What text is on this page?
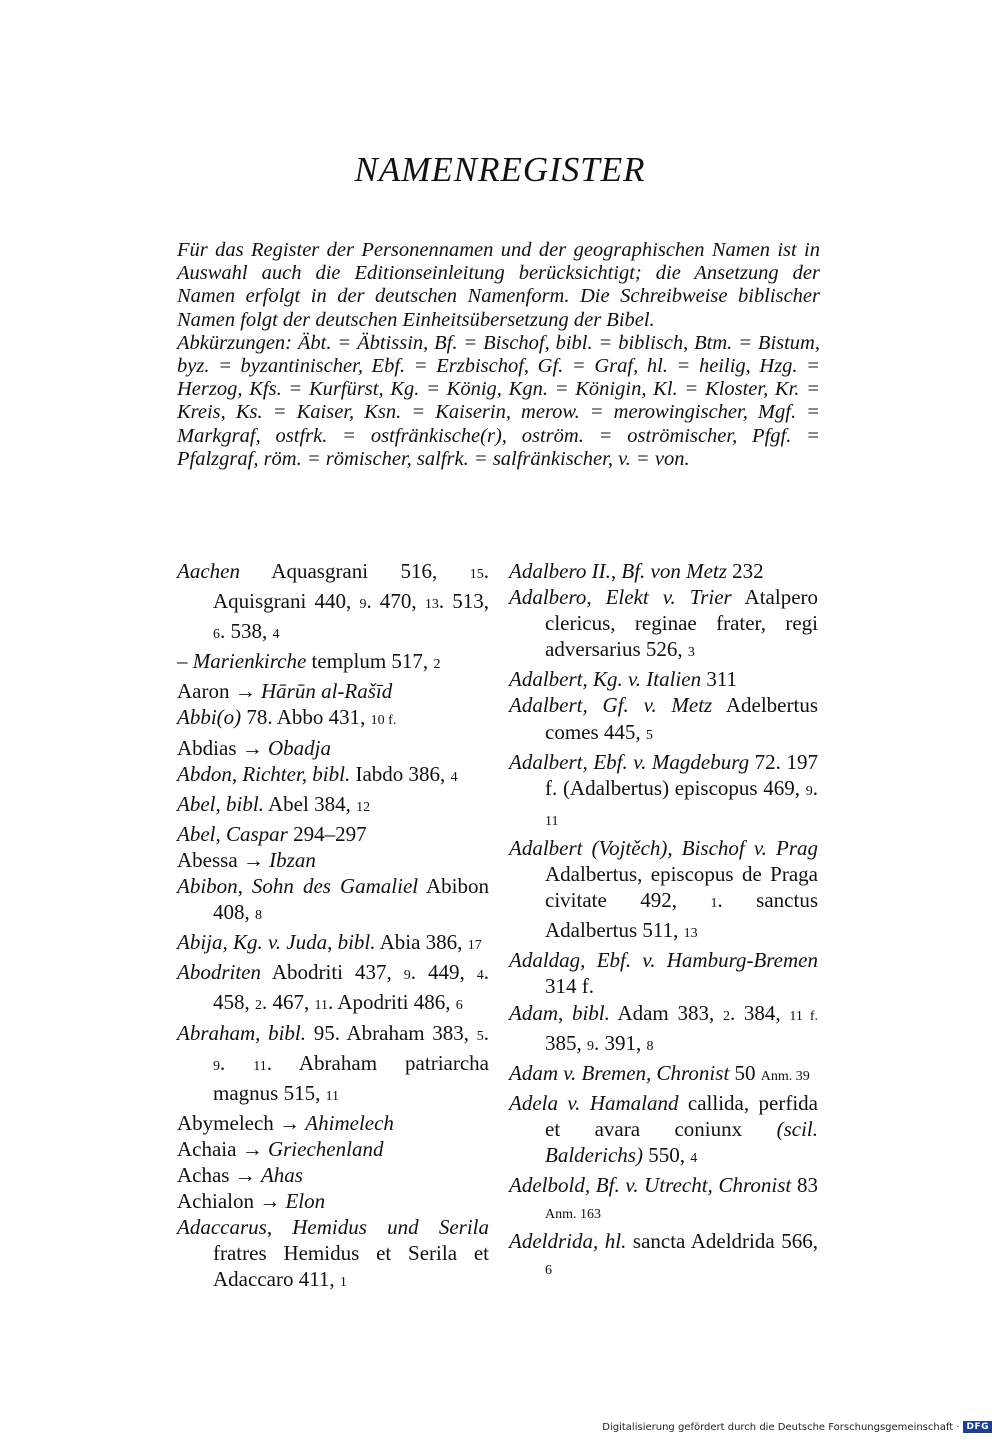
NAMENREGISTER

Für das Register der Personennamen und der geographischen Namen ist in Auswahl auch die Editionseinleitung berücksichtigt; die Ansetzung der Namen erfolgt in der deutschen Namenform. Die Schreibweise biblischer Namen folgt der deutschen Einheitsübersetzung der Bibel.

Abkürzungen: Äbt. = Äbtissin, Bf. = Bischof, bibl. = biblisch, Btm. = Bistum, byz. = byzantinischer, Ebf. = Erzbischof, Gf. = Graf, hl. = heilig, Hzg. = Herzog, Kfs. = Kurfürst, Kg. = König, Kgn. = Königin, Kl. = Kloster, Kr. = Kreis, Ks. = Kaiser, Ksn. = Kaiserin, merow. = merowingischer, Mgf. = Markgraf, ostfrk. = ostfränkische(r), oström. = oströmischer, Pfgf. = Pfalzgraf, röm. = römischer, salfrk. = salfränkischer, v. = von.

Aachen Aquasgrani 516, 15. Aquisgrani 440, 9. 470, 13. 513, 6. 538, 4
– Marienkirche templum 517, 2
Aaron → Hārūn al-Rašīd
Abbi(o) 78. Abbo 431, 10 f.
Abdias → Obadja
Abdon, Richter, bibl. Iabdo 386, 4
Abel, bibl. Abel 384, 12
Abel, Caspar 294–297
Abessa → Ibzan
Abibon, Sohn des Gamaliel Abibon 408, 8
Abija, Kg. v. Juda, bibl. Abia 386, 17
Abodriten Abodriti 437, 9. 449, 4. 458, 2. 467, 11. Apodriti 486, 6
Abraham, bibl. 95. Abraham 383, 5. 9. 11. Abraham patriarcha magnus 515, 11
Abymelech → Ahimelech
Achaia → Griechenland
Achas → Ahas
Achialon → Elon
Adaccarus, Hemidus und Serila fratres Hemidus et Serila et Adaccaro 411, 1
Adalbero II., Bf. von Metz 232
Adalbero, Elekt v. Trier Atalpero clericus, reginae frater, regi adversarius 526, 3
Adalbert, Kg. v. Italien 311
Adalbert, Gf. v. Metz Adelbertus comes 445, 5
Adalbert, Ebf. v. Magdeburg 72. 197 f. (Adalbertus) episcopus 469, 9. 11
Adalbert (Vojtěch), Bischof v. Prag Adalbertus, episcopus de Praga civitate 492, 1. sanctus Adalbertus 511, 13
Adaldag, Ebf. v. Hamburg-Bremen 314 f.
Adam, bibl. Adam 383, 2. 384, 11 f. 385, 9. 391, 8
Adam v. Bremen, Chronist 50 Anm. 39
Adela v. Hamaland callida, perfida et avara coniunx (scil. Balderichs) 550, 4
Adelbold, Bf. v. Utrecht, Chronist 83 Anm. 163
Adeldrida, hl. sancta Adeldrida 566, 6
Digitalisierung gefördert durch die Deutsche Forschungsgemeinschaft · DFG
